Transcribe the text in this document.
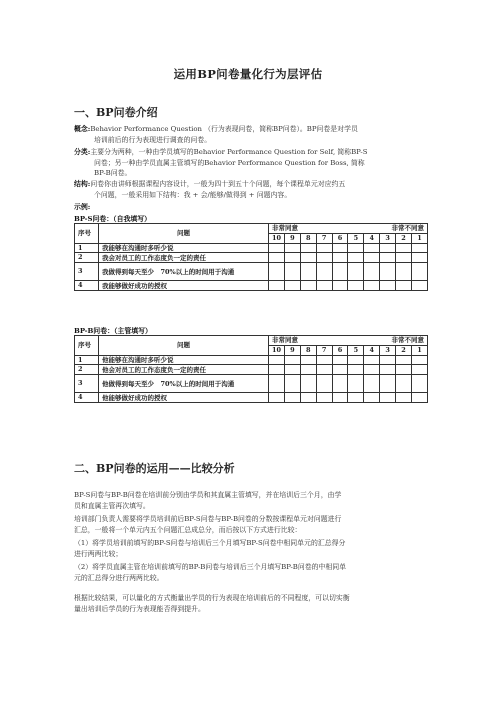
运用BP问卷量化行为层评估
一、BP问卷介绍
概念:Behavior Performance Question （行为表现问卷，简称BP问卷）。BP问卷是对学员
培训前后的行为表现进行调查的问卷。
分类:主要分为两种，一种由学员填写的Behavior Performance Question for Self, 简称BP-S
问卷；另一种由学员直属主管填写的Behavior Performance Question for Boss, 简称
BP-B问卷。
结构:问卷你由讲师根据课程内容设计，一般为四十到五十个问题，每个课程单元对应约五
个问题，一般采用如下结构：我 + 会/能够/做得到 + 问题内容。
示例:
BP-S问卷：（自我填写）
序号	问题	非常同意 非常不同意									

		10	9	8	7	6	5	4	3	2	1
1	我能够在沟通时多听少说										
2	我会对员工的工作态度负一定的责任										
3	我做得到每天至少　70%以上的时间用于沟通										
4	我能够做好成功的授权										
BP-B问卷：（主管填写）
序号	问题	非常同意 非常不同意									

		10	9	8	7	6	5	4	3	2	1
1	他能够在沟通时多听少说										
2	他会对员工的工作态度负一定的责任										
3	他做得到每天至少　70%以上的时间用于沟通										
4	他能够做好成功的授权										
二、BP问卷的运用——比较分析
BP-S问卷与BP-B问卷在培训前分别由学员和其直属主管填写，并在培训后三个月，由学
员和直属主管再次填写。
培训部门负责人需要将学员培训前后BP-S问卷与BP-B问卷的分数按课程单元对问题进行
汇总，一般将一个单元内五个问题汇总成总分，而后按以下方式进行比较：
（1）将学员培训前填写的BP-S问卷与培训后三个月填写BP-S问卷中相同单元的汇总得分
进行两两比较；
（2）将学员直属主管在培训前填写的BP-B问卷与培训后三个月填写BP-B问卷的中相同单
元的汇总得分进行两两比较。
根据比较结果，可以量化的方式衡量出学员的行为表现在培训前后的不同程度，可以切实衡
量出培训后学员的行为表现能否得到提升。
